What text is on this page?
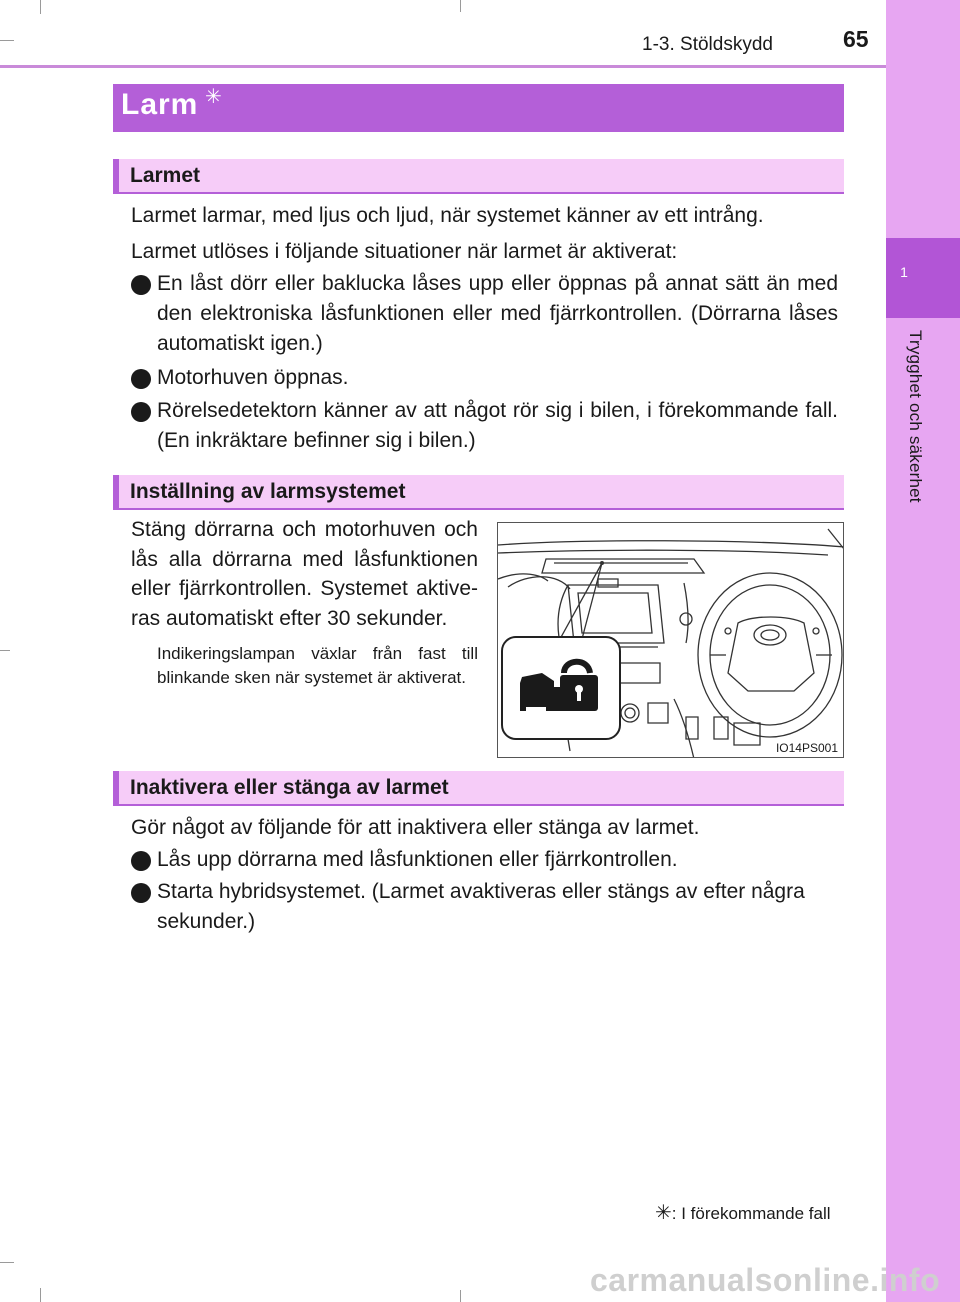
1
Trygghet och säkerhet
1-3. Stöldskydd	65
Larm ✳
Larmet
Larmet larmar, med ljus och ljud, när systemet känner av ett intrång.
Larmet utlöses i följande situationer när larmet är aktiverat:
En låst dörr eller baklucka låses upp eller öppnas på annat sätt än med den elektroniska låsfunktionen eller med fjärrkontrollen. (Dörrarna låses automatiskt igen.)
Motorhuven öppnas.
Rörelsedetektorn känner av att något rör sig i bilen, i förekommande fall. (En inkräktare befinner sig i bilen.)
Inställning av larmsystemet
Stäng dörrarna och motorhuven och lås alla dörrarna med låsfunktionen eller fjärrkontrollen. Systemet aktive-ras automatiskt efter 30 sekunder.
Indikeringslampan växlar från fast till blinkande sken när systemet är aktiverat.
IO14PS001
Inaktivera eller stänga av larmet
Gör något av följande för att inaktivera eller stänga av larmet.
Lås upp dörrarna med låsfunktionen eller fjärrkontrollen.
Starta hybridsystemet. (Larmet avaktiveras eller stängs av efter några sekunder.)
✳: I förekommande fall
carmanualsonline.info
